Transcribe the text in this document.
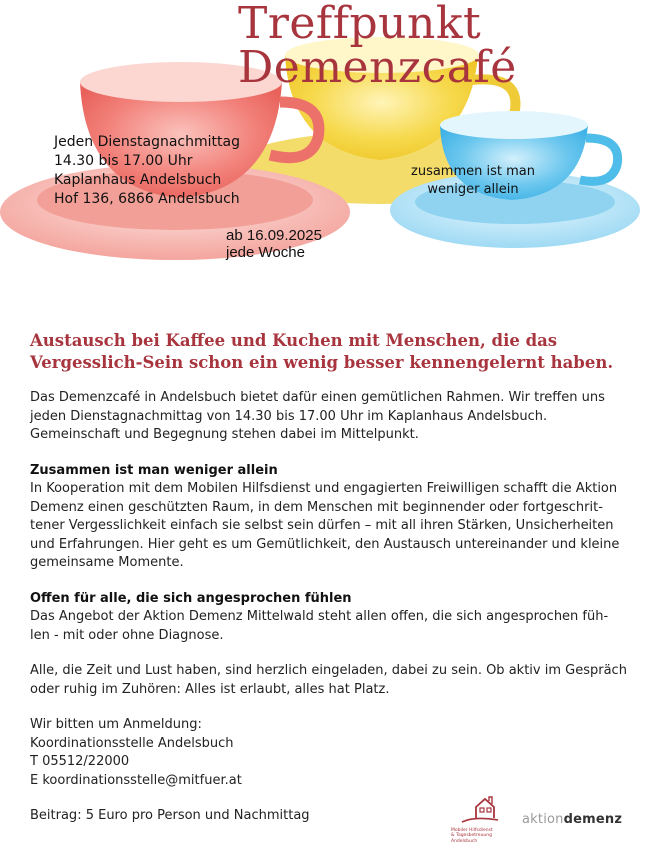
Treffpunkt
Demenzcafé
Jeden Dienstagnachmittag
14.30 bis 17.00 Uhr
Kaplanhaus Andelsbuch
Hof 136, 6866 Andelsbuch
zusammen ist man
weniger allein
ab 16.09.2025
jede Woche
Austausch bei Kaffee und Kuchen mit Menschen, die das
Vergesslich-Sein schon ein wenig besser kennengelernt haben.

Das Demenzcafé in Andelsbuch bietet dafür einen gemütlichen Rahmen. Wir treffen uns
jeden Dienstagnachmittag von 14.30 bis 17.00 Uhr im Kaplanhaus Andelsbuch.
Gemeinschaft und Begegnung stehen dabei im Mittelpunkt.

Zusammen ist man weniger allein

In Kooperation mit dem Mobilen Hilfsdienst und engagierten Freiwilligen schafft die Aktion
Demenz einen geschützten Raum, in dem Menschen mit beginnender oder fortgeschrit-
tener Vergesslichkeit einfach sie selbst sein dürfen – mit all ihren Stärken, Unsicherheiten
und Erfahrungen. Hier geht es um Gemütlichkeit, den Austausch untereinander und kleine
gemeinsame Momente.

Offen für alle, die sich angesprochen fühlen

Das Angebot der Aktion Demenz Mittelwald steht allen offen, die sich angesprochen füh-
len - mit oder ohne Diagnose.

Alle, die Zeit und Lust haben, sind herzlich eingeladen, dabei zu sein. Ob aktiv im Gespräch
oder ruhig im Zuhören: Alles ist erlaubt, alles hat Platz.

Wir bitten um Anmeldung:
Koordinationsstelle Andelsbuch
T 05512/22000
E koordinationsstelle@mitfuer.at

Beitrag: 5 Euro pro Person und Nachmittag

Mobiler Hilfsdienst
& Tagesbetreuung
Andelsbuch
aktiondemenz
